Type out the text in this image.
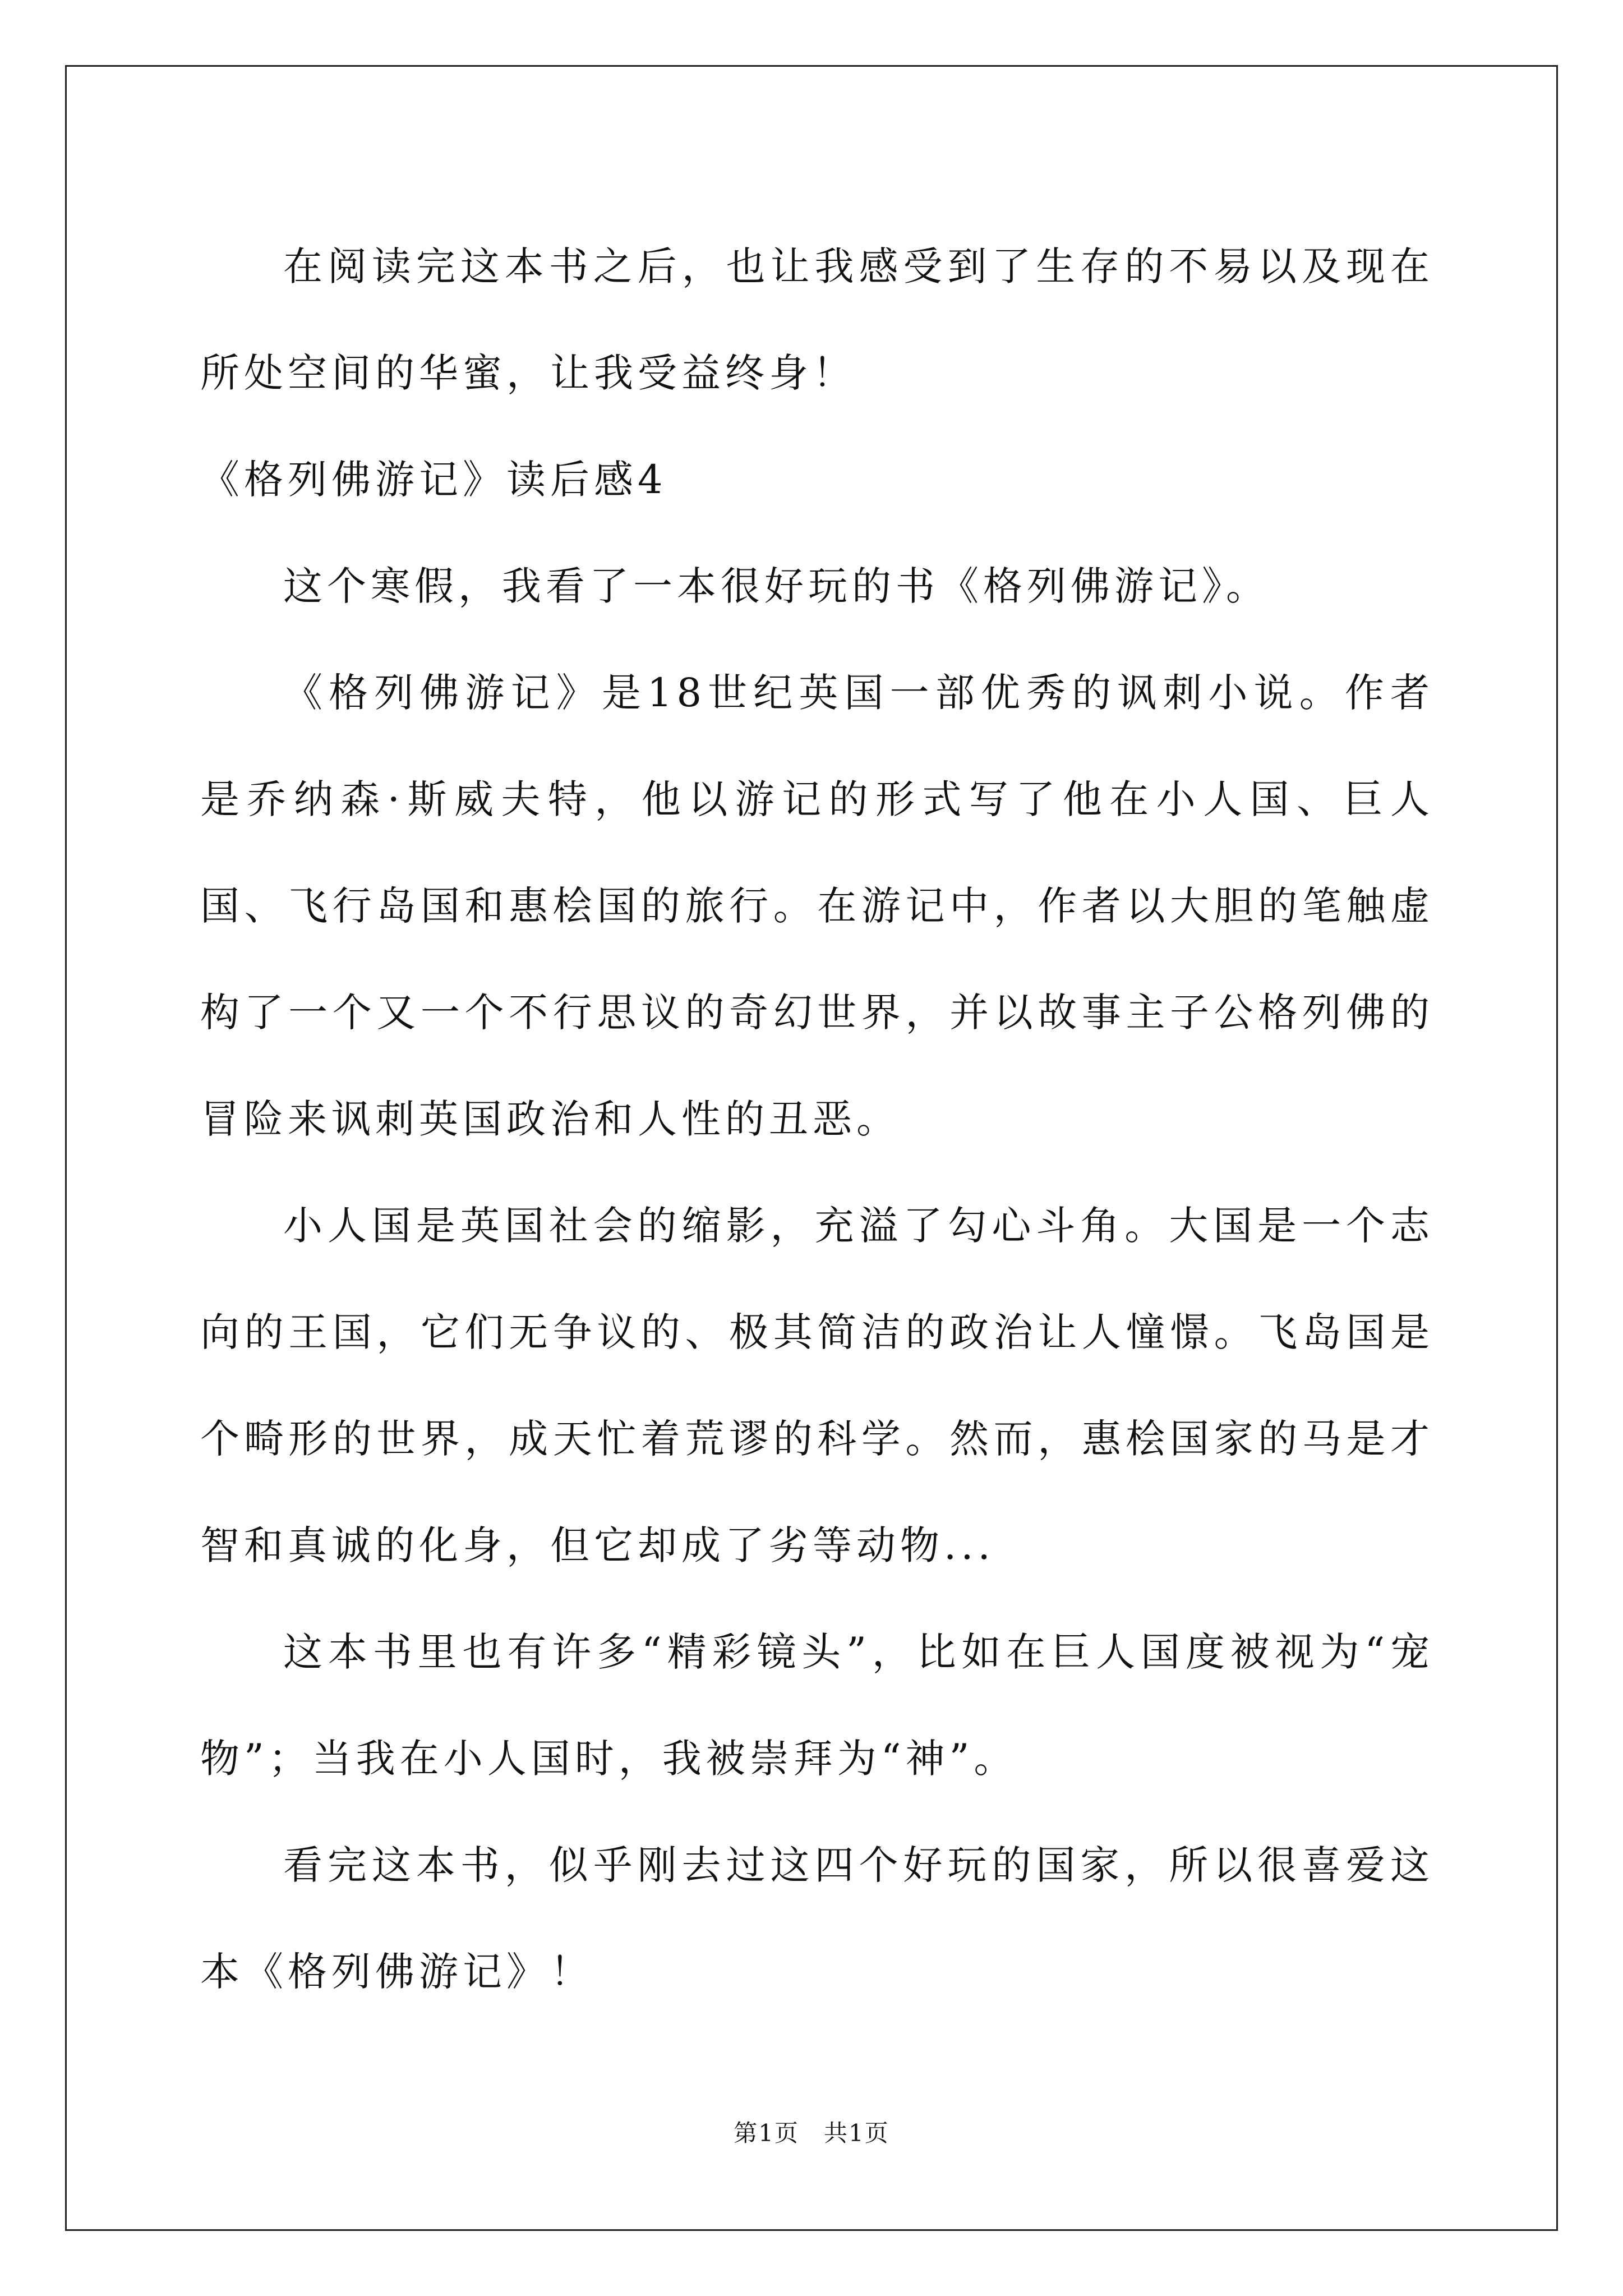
在阅读完这本书之后，也让我感受到了生存的不易以及现在所处空间的华蜜，让我受益终身！

《格列佛游记》读后感4

这个寒假，我看了一本很好玩的书《格列佛游记》。

《格列佛游记》是18世纪英国一部优秀的讽刺小说。作者是乔纳森·斯威夫特，他以游记的形式写了他在小人国、巨人国、飞行岛国和惠桧国的旅行。在游记中，作者以大胆的笔触虚构了一个又一个不行思议的奇幻世界，并以故事主子公格列佛的冒险来讽刺英国政治和人性的丑恶。

小人国是英国社会的缩影，充溢了勾心斗角。大国是一个志向的王国，它们无争议的、极其简洁的政治让人憧憬。飞岛国是个畸形的世界，成天忙着荒谬的科学。然而，惠桧国家的马是才智和真诚的化身，但它却成了劣等动物...

这本书里也有许多“精彩镜头”，比如在巨人国度被视为“宠物”；当我在小人国时，我被崇拜为“神”。

看完这本书，似乎刚去过这四个好玩的国家，所以很喜爱这本《格列佛游记》！

第1页　共1页
